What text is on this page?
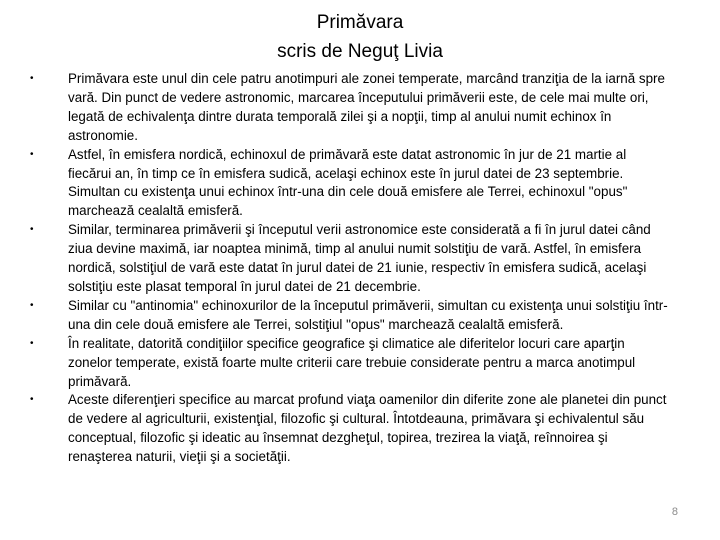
Primăvara
scris de Neguţ Livia
•	Primăvara este unul din cele patru anotimpuri ale zonei temperate, marcând tranziţia de la iarnă spre vară. Din punct de vedere astronomic, marcarea începutului primăverii este, de cele mai multe ori, legată de echivalenţa dintre durata temporală zilei şi a nopţii, timp al anului numit echinox în astronomie.
•	Astfel, în emisfera nordică, echinoxul de primăvară este datat astronomic în jur de 21 martie al fiecărui an, în timp ce în emisfera sudică, acelaşi echinox este în jurul datei de 23 septembrie. Simultan cu existenţa unui echinox într-una din cele două emisfere ale Terrei, echinoxul "opus" marchează cealaltă emisferă.
•	Similar, terminarea primăverii şi începutul verii astronomice este considerată a fi în jurul datei când ziua devine maximă, iar noaptea minimă, timp al anului numit solstiţiu de vară. Astfel, în emisfera nordică, solstiţiul de vară este datat în jurul datei de 21 iunie, respectiv în emisfera sudică, acelaşi solstiţiu este plasat temporal în jurul datei de 21 decembrie.
•	Similar cu "antinomia" echinoxurilor de la începutul primăverii, simultan cu existenţa unui solstiţiu într-una din cele două emisfere ale Terrei, solstiţiul "opus" marchează cealaltă emisferă.
•	În realitate, datorită condiţiilor specifice geografice şi climatice ale diferitelor locuri care aparţin zonelor temperate, există foarte multe criterii care trebuie considerate pentru a marca anotimpul primăvară.
•	Aceste diferenţieri specifice au marcat profund viaţa oamenilor din diferite zone ale planetei din punct de vedere al agriculturii, existenţial, filozofic şi cultural. Întotdeauna, primăvara şi echivalentul său conceptual, filozofic şi ideatic au însemnat dezgheţul, topirea, trezirea la viaţă, reînnoirea şi renaşterea naturii, vieţii şi a societăţii.
8
